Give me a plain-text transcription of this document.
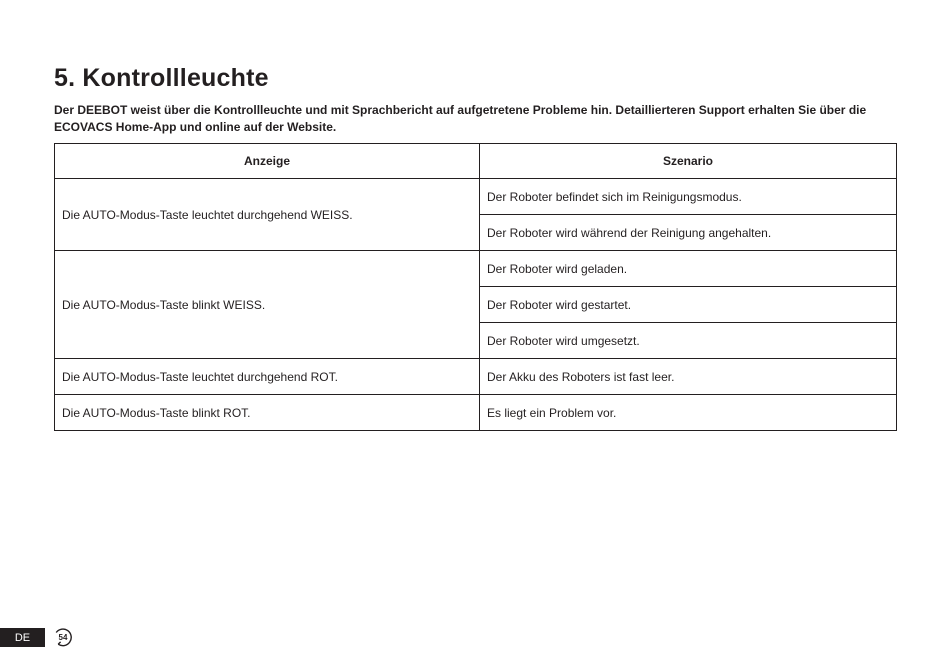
5. Kontrollleuchte

Der DEEBOT weist über die Kontrollleuchte und mit Sprachbericht auf aufgetretene Probleme hin. Detaillierteren Support erhalten Sie über die ECOVACS Home-App und online auf der Website.

Anzeige	Szenario
Die AUTO-Modus-Taste leuchtet durchgehend WEISS.	Der Roboter befindet sich im Reinigungsmodus.
	Der Roboter wird während der Reinigung angehalten.
Die AUTO-Modus-Taste blinkt WEISS.	Der Roboter wird geladen.
	Der Roboter wird gestartet.
	Der Roboter wird umgesetzt.
Die AUTO-Modus-Taste leuchtet durchgehend ROT.	Der Akku des Roboters ist fast leer.
Die AUTO-Modus-Taste blinkt ROT.	Es liegt ein Problem vor.
DE	54
